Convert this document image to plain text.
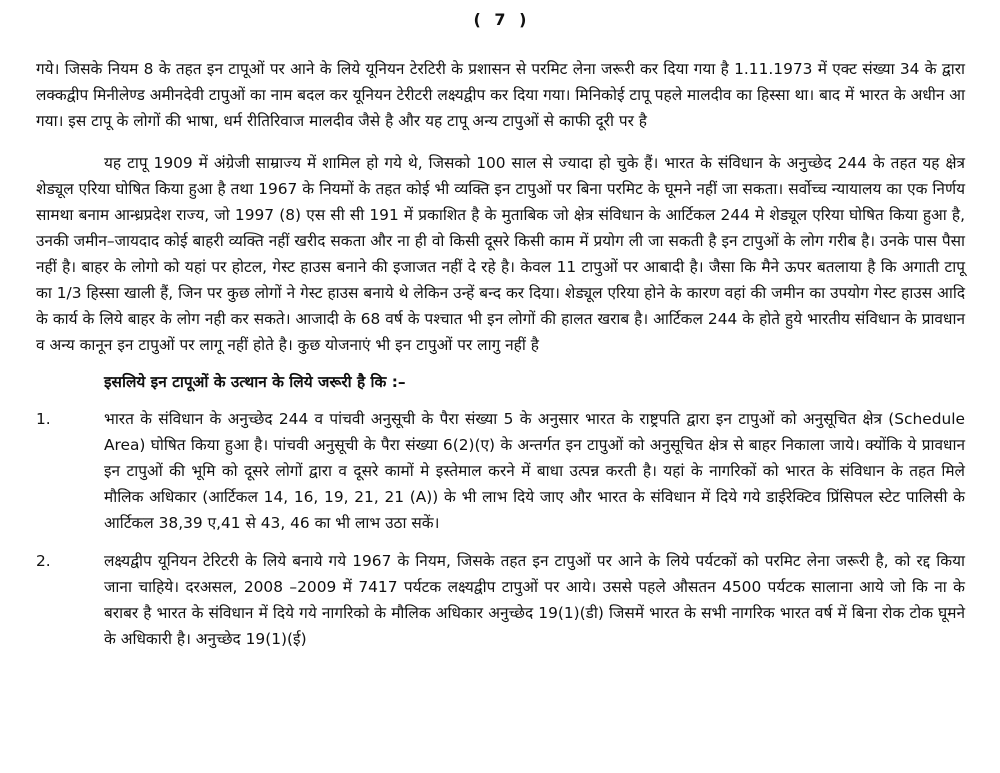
( 7 )

गये। जिसके नियम 8 के तहत इन टापूओं पर आने के लिये यूनियन टेरटिरी के प्रशासन से परमिट लेना जरूरी कर दिया गया है 1.11.1973 में एक्ट संख्या 34 के द्वारा लक्कद्वीप मिनीलेण्ड अमीनदेवी टापुओं का नाम बदल कर यूनियन टेरीटरी लक्ष्यद्वीप कर दिया गया। मिनिकोई टापू पहले मालदीव का हिस्सा था। बाद में भारत के अधीन आ गया। इस टापू के लोगों की भाषा, धर्म रीतिरिवाज मालदीव जैसे है और यह टापू अन्य टापुओं से काफी दूरी पर है

यह टापू 1909 में अंग्रेजी साम्राज्य में शामिल हो गये थे, जिसको 100 साल से ज्यादा हो चुके हैं। भारत के संविधान के अनुच्छेद 244 के तहत यह क्षेत्र शेड्यूल एरिया घोषित किया हुआ है तथा 1967 के नियमों के तहत कोई भी व्यक्ति इन टापुओं पर बिना परमिट के घूमने नहीं जा सकता। सर्वोच्च न्यायालय का एक निर्णय सामथा बनाम आन्ध्रप्रदेश राज्य, जो 1997 (8) एस सी सी 191 में प्रकाशित है के मुताबिक जो क्षेत्र संविधान के आर्टिकल 244 मे शेड्यूल एरिया घोषित किया हुआ है, उनकी जमीन–जायदाद कोई बाहरी व्यक्ति नहीं खरीद सकता और ना ही वो किसी दूसरे किसी काम में प्रयोग ली जा सकती है इन टापुओं के लोग गरीब है। उनके पास पैसा नहीं है। बाहर के लोगो को यहां पर होटल, गेस्ट हाउस बनाने की इजाजत नहीं दे रहे है। केवल 11 टापुओं पर आबादी है। जैसा कि मैने ऊपर बतलाया है कि अगाती टापू का 1/3 हिस्सा खाली हैं, जिन पर कुछ लोगों ने गेस्ट हाउस बनाये थे लेकिन उन्हें बन्द कर दिया। शेड्यूल एरिया होने के कारण वहां की जमीन का उपयोग गेस्ट हाउस आदि के कार्य के लिये बाहर के लोग नही कर सकते। आजादी के 68 वर्ष के पश्चात भी इन लोगों की हालत खराब है। आर्टिकल 244 के होते हुये भारतीय संविधान के प्रावधान व अन्य कानून इन टापुओं पर लागू नहीं होते है। कुछ योजनाएं भी इन टापुओं पर लागु नहीं है

इसलिये इन टापूओं के उत्थान के लिये जरूरी है कि :–

1.	भारत के संविधान के अनुच्छेद 244 व पांचवी अनुसूची के पैरा संख्या 5 के अनुसार भारत के राष्ट्रपति द्वारा इन टापुओं को अनुसूचित क्षेत्र (Schedule Area) घोषित किया हुआ है। पांचवी अनुसूची के पैरा संख्या 6(2)(ए) के अन्तर्गत इन टापुओं को अनुसूचित क्षेत्र से बाहर निकाला जाये। क्योंकि ये प्रावधान इन टापुओं की भूमि को दूसरे लोगों द्वारा व दूसरे कामों मे इस्तेमाल करने में बाधा उत्पन्न करती है। यहां के नागरिकों को भारत के संविधान के तहत मिले मौलिक अधिकार (आर्टिकल 14, 16, 19, 21, 21 (A)) के भी लाभ दिये जाए और भारत के संविधान में दिये गये डाईरेक्टिव प्रिंसिपल स्टेट पालिसी के आर्टिकल 38,39 ए,41 से 43, 46 का भी लाभ उठा सकें।
2.	लक्ष्यद्वीप यूनियन टेरिटरी के लिये बनाये गये 1967 के नियम, जिसके तहत इन टापुओं पर आने के लिये पर्यटकों को परमिट लेना जरूरी है, को रद्द किया जाना चाहिये। दरअसल, 2008 –2009 में 7417 पर्यटक लक्ष्यद्वीप टापुओं पर आये। उससे पहले औसतन 4500 पर्यटक सालाना आये जो कि ना के बराबर है भारत के संविधान में दिये गये नागरिको के मौलिक अधिकार अनुच्छेद 19(1)(डी) जिसमें भारत के सभी नागरिक भारत वर्ष में बिना रोक टोक घूमने के अधिकारी है। अनुच्छेद 19(1)(ई)
